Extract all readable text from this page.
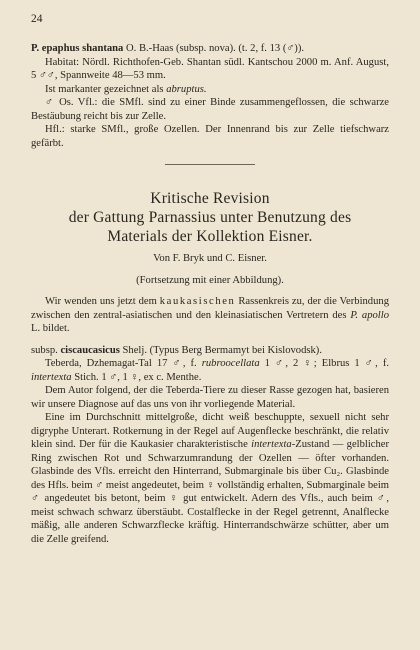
24

P. epaphus shantana O. B.-Haas (subsp. nova). (t. 2, f. 13 (♂)).

Habitat: Nördl. Richthofen-Geb. Shantan südl. Kantschou 2000 m. Anf. August, 5 ♂♂, Spannweite 48—53 mm.

Ist markanter gezeichnet als abruptus.

♂ Os. Vfl.: die SMfl. sind zu einer Binde zusammengeflossen, die schwarze Bestäubung reicht bis zur Zelle.

Hfl.: starke SMfl., große Ozellen. Der Innenrand bis zur Zelle tiefschwarz gefärbt.

Kritische Revision
der Gattung Parnassius unter Benutzung des
Materials der Kollektion Eisner.
Von F. Bryk und C. Eisner.
(Fortsetzung mit einer Abbildung).

Wir wenden uns jetzt dem kaukasischen Rassenkreis zu, der die Verbindung zwischen den zentral-asiatischen und den kleinasiatischen Vertretern des P. apollo L. bildet.

subsp. ciscaucasicus Shelj. (Typus Berg Bermamyt bei Kislovodsk).

Teberda, Dzhemagat-Tal 17 ♂, f. rubroocellata 1 ♂, 2 ♀; Elbrus 1 ♂, f. intertexta Stich. 1 ♂, 1 ♀, ex c. Menthe.

Dem Autor folgend, der die Teberda-Tiere zu dieser Rasse gezogen hat, basieren wir unsere Diagnose auf das uns von ihr vorliegende Material.

Eine im Durchschnitt mittelgroße, dicht weiß beschuppte, sexuell nicht sehr digryphe Unterart. Rotkernung in der Regel auf Augenflecke beschränkt, die relativ klein sind. Der für die Kaukasier charakteristische intertexta-Zustand — gelblicher Ring zwischen Rot und Schwarzumrandung der Ozellen — öfter vorhanden. Glasbinde des Vfls. erreicht den Hinterrand, Submarginale bis über Cu₂. Glasbinde des Hfls. beim ♂ meist angedeutet, beim ♀ vollständig erhalten, Submarginale beim ♂ angedeutet bis betont, beim ♀ gut entwickelt. Adern des Vfls., auch beim ♂, meist schwach schwarz überstäubt. Costalflecke in der Regel getrennt, Analflecke mäßig, alle anderen Schwarzflecke kräftig. Hinterrandschwärze schütter, aber um die Zelle greifend.
